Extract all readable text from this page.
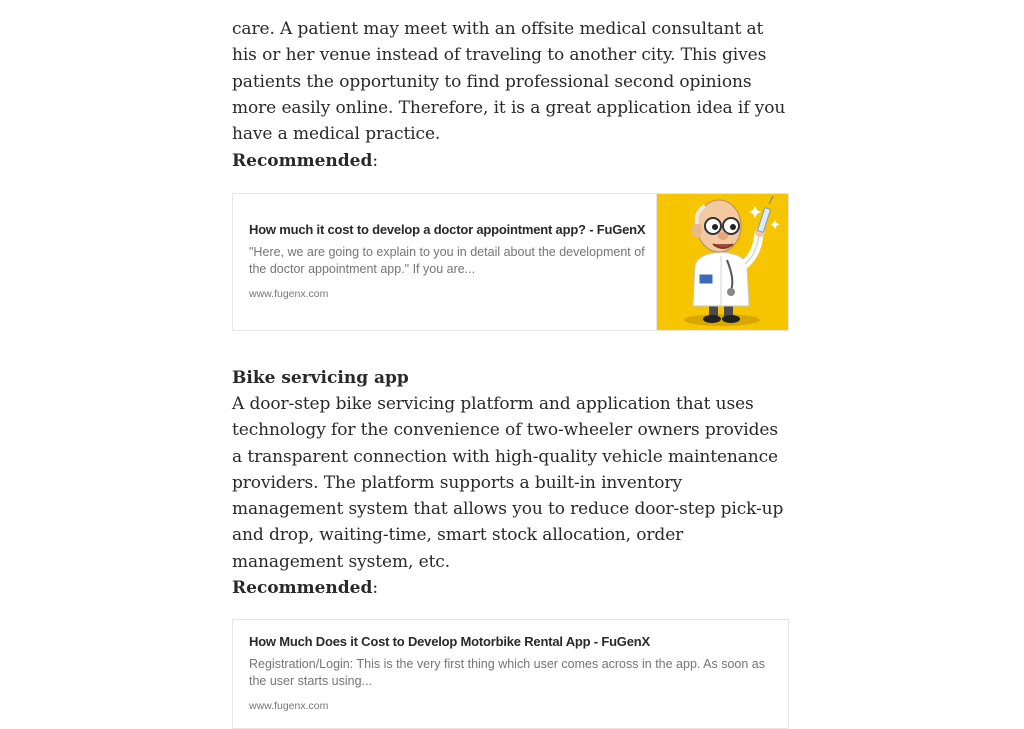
care. A patient may meet with an offsite medical consultant at his or her venue instead of traveling to another city. This gives patients the opportunity to find professional second opinions more easily online. Therefore, it is a great application idea if you have a medical practice.

Recommended:

How much it cost to develop a doctor appointment app? - FuGenX

"Here, we are going to explain to you in detail about the development of the doctor appointment app." If you are...

www.fugenx.com

Bike servicing app

A door-step bike servicing platform and application that uses technology for the convenience of two-wheeler owners provides a transparent connection with high-quality vehicle maintenance providers. The platform supports a built-in inventory management system that allows you to reduce door-step pick-up and drop, waiting-time, smart stock allocation, order management system, etc.

Recommended:

How Much Does it Cost to Develop Motorbike Rental App - FuGenX

Registration/Login: This is the very first thing which user comes across in the app. As soon as the user starts using...

www.fugenx.com
